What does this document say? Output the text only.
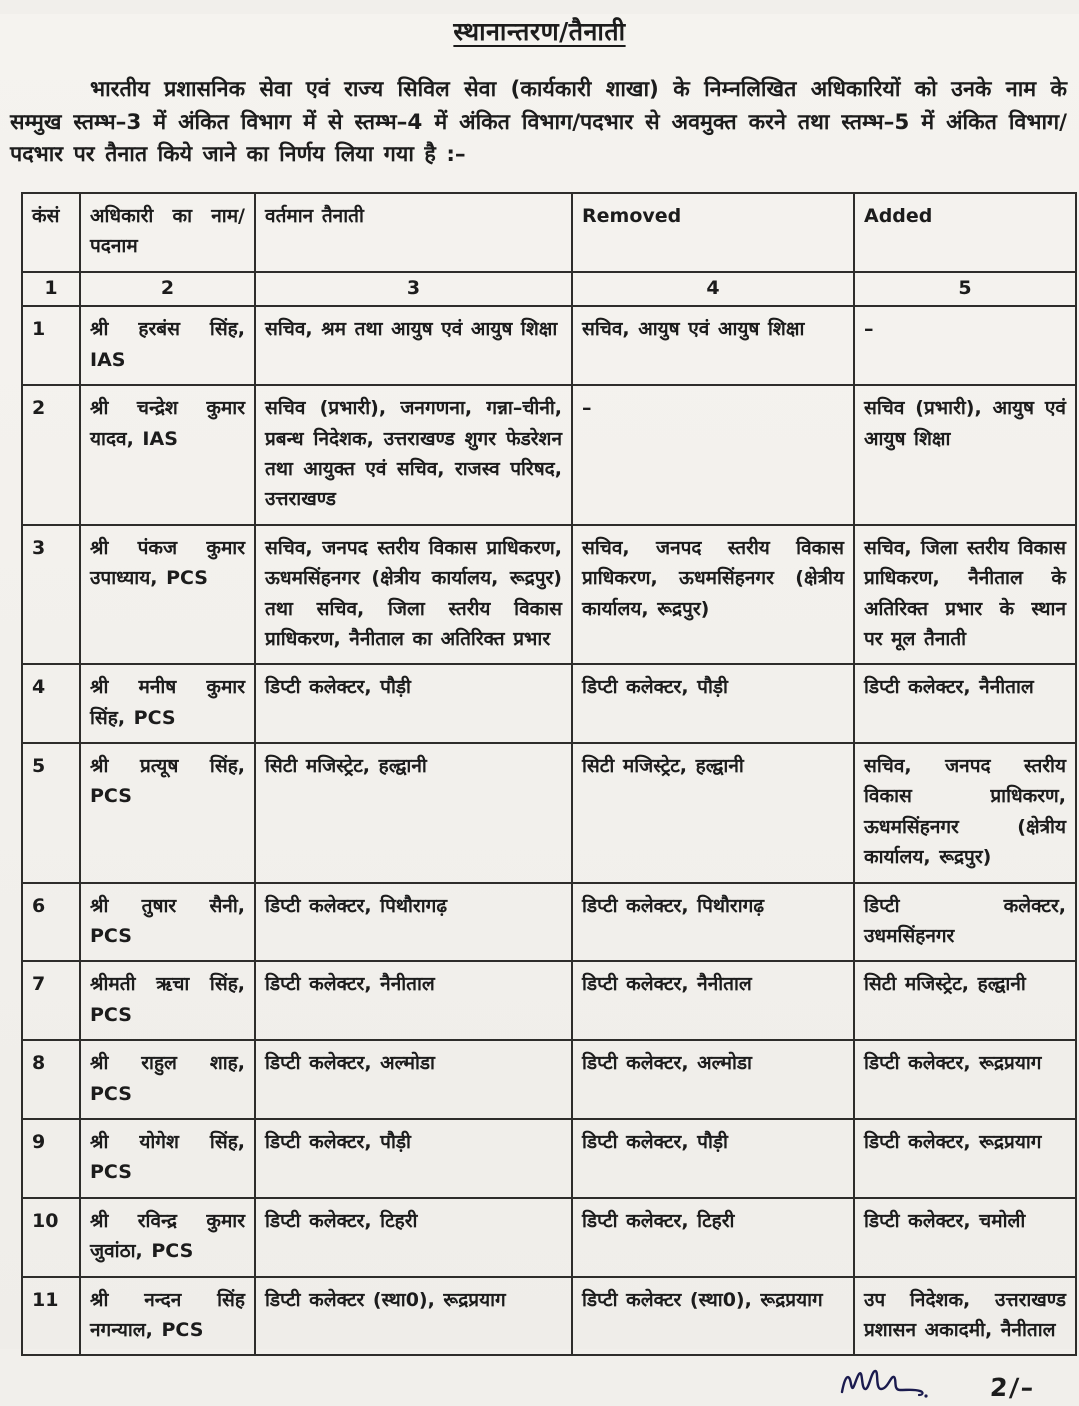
स्थानान्तरण/तैनाती

भारतीय प्रशासनिक सेवा एवं राज्य सिविल सेवा (कार्यकारी शाखा) के निम्नलिखित अधिकारियों को उनके नाम के सम्मुख स्तम्भ–3 में अंकित विभाग में से स्तम्भ–4 में अंकित विभाग/पदभार से अवमुक्त करने तथा स्तम्भ–5 में अंकित विभाग/पदभार पर तैनात किये जाने का निर्णय लिया गया है :–

कंसं	अधिकारी का नाम/पदनाम	वर्तमान तैनाती	Removed	Added
1	2	3	4	5
1	श्री हरबंस सिंह, IAS	सचिव, श्रम तथा आयुष एवं आयुष शिक्षा	सचिव, आयुष एवं आयुष शिक्षा	–
2	श्री चन्द्रेश कुमार यादव, IAS	सचिव (प्रभारी), जनगणना, गन्ना–चीनी, प्रबन्ध निदेशक, उत्तराखण्ड शुगर फेडरेशन तथा आयुक्त एवं सचिव, राजस्व परिषद, उत्तराखण्ड	–	सचिव (प्रभारी), आयुष एवं आयुष शिक्षा
3	श्री पंकज कुमार उपाध्याय, PCS	सचिव, जनपद स्तरीय विकास प्राधिकरण, ऊधमसिंहनगर (क्षेत्रीय कार्यालय, रूद्रपुर) तथा सचिव, जिला स्तरीय विकास प्राधिकरण, नैनीताल का अतिरिक्त प्रभार	सचिव, जनपद स्तरीय विकास प्राधिकरण, ऊधमसिंहनगर (क्षेत्रीय कार्यालय, रूद्रपुर)	सचिव, जिला स्तरीय विकास प्राधिकरण, नैनीताल के अतिरिक्त प्रभार के स्थान पर मूल तैनाती
4	श्री मनीष कुमार सिंह, PCS	डिप्टी कलेक्टर, पौड़ी	डिप्टी कलेक्टर, पौड़ी	डिप्टी कलेक्टर, नैनीताल
5	श्री प्रत्यूष सिंह, PCS	सिटी मजिस्ट्रेट, हल्द्वानी	सिटी मजिस्ट्रेट, हल्द्वानी	सचिव, जनपद स्तरीय विकास प्राधिकरण, ऊधमसिंहनगर (क्षेत्रीय कार्यालय, रूद्रपुर)
6	श्री तुषार सैनी, PCS	डिप्टी कलेक्टर, पिथौरागढ़	डिप्टी कलेक्टर, पिथौरागढ़	डिप्टी कलेक्टर, उधमसिंहनगर
7	श्रीमती ऋचा सिंह, PCS	डिप्टी कलेक्टर, नैनीताल	डिप्टी कलेक्टर, नैनीताल	सिटी मजिस्ट्रेट, हल्द्वानी
8	श्री राहुल शाह, PCS	डिप्टी कलेक्टर, अल्मोडा	डिप्टी कलेक्टर, अल्मोडा	डिप्टी कलेक्टर, रूद्रप्रयाग
9	श्री योगेश सिंह, PCS	डिप्टी कलेक्टर, पौड़ी	डिप्टी कलेक्टर, पौड़ी	डिप्टी कलेक्टर, रूद्रप्रयाग
10	श्री रविन्द्र कुमार जुवांठा, PCS	डिप्टी कलेक्टर, टिहरी	डिप्टी कलेक्टर, टिहरी	डिप्टी कलेक्टर, चमोली
11	श्री नन्दन सिंह नगन्याल, PCS	डिप्टी कलेक्टर (स्था0), रूद्रप्रयाग	डिप्टी कलेक्टर (स्था0), रूद्रप्रयाग	उप निदेशक, उत्तराखण्ड प्रशासन अकादमी, नैनीताल
2/–
